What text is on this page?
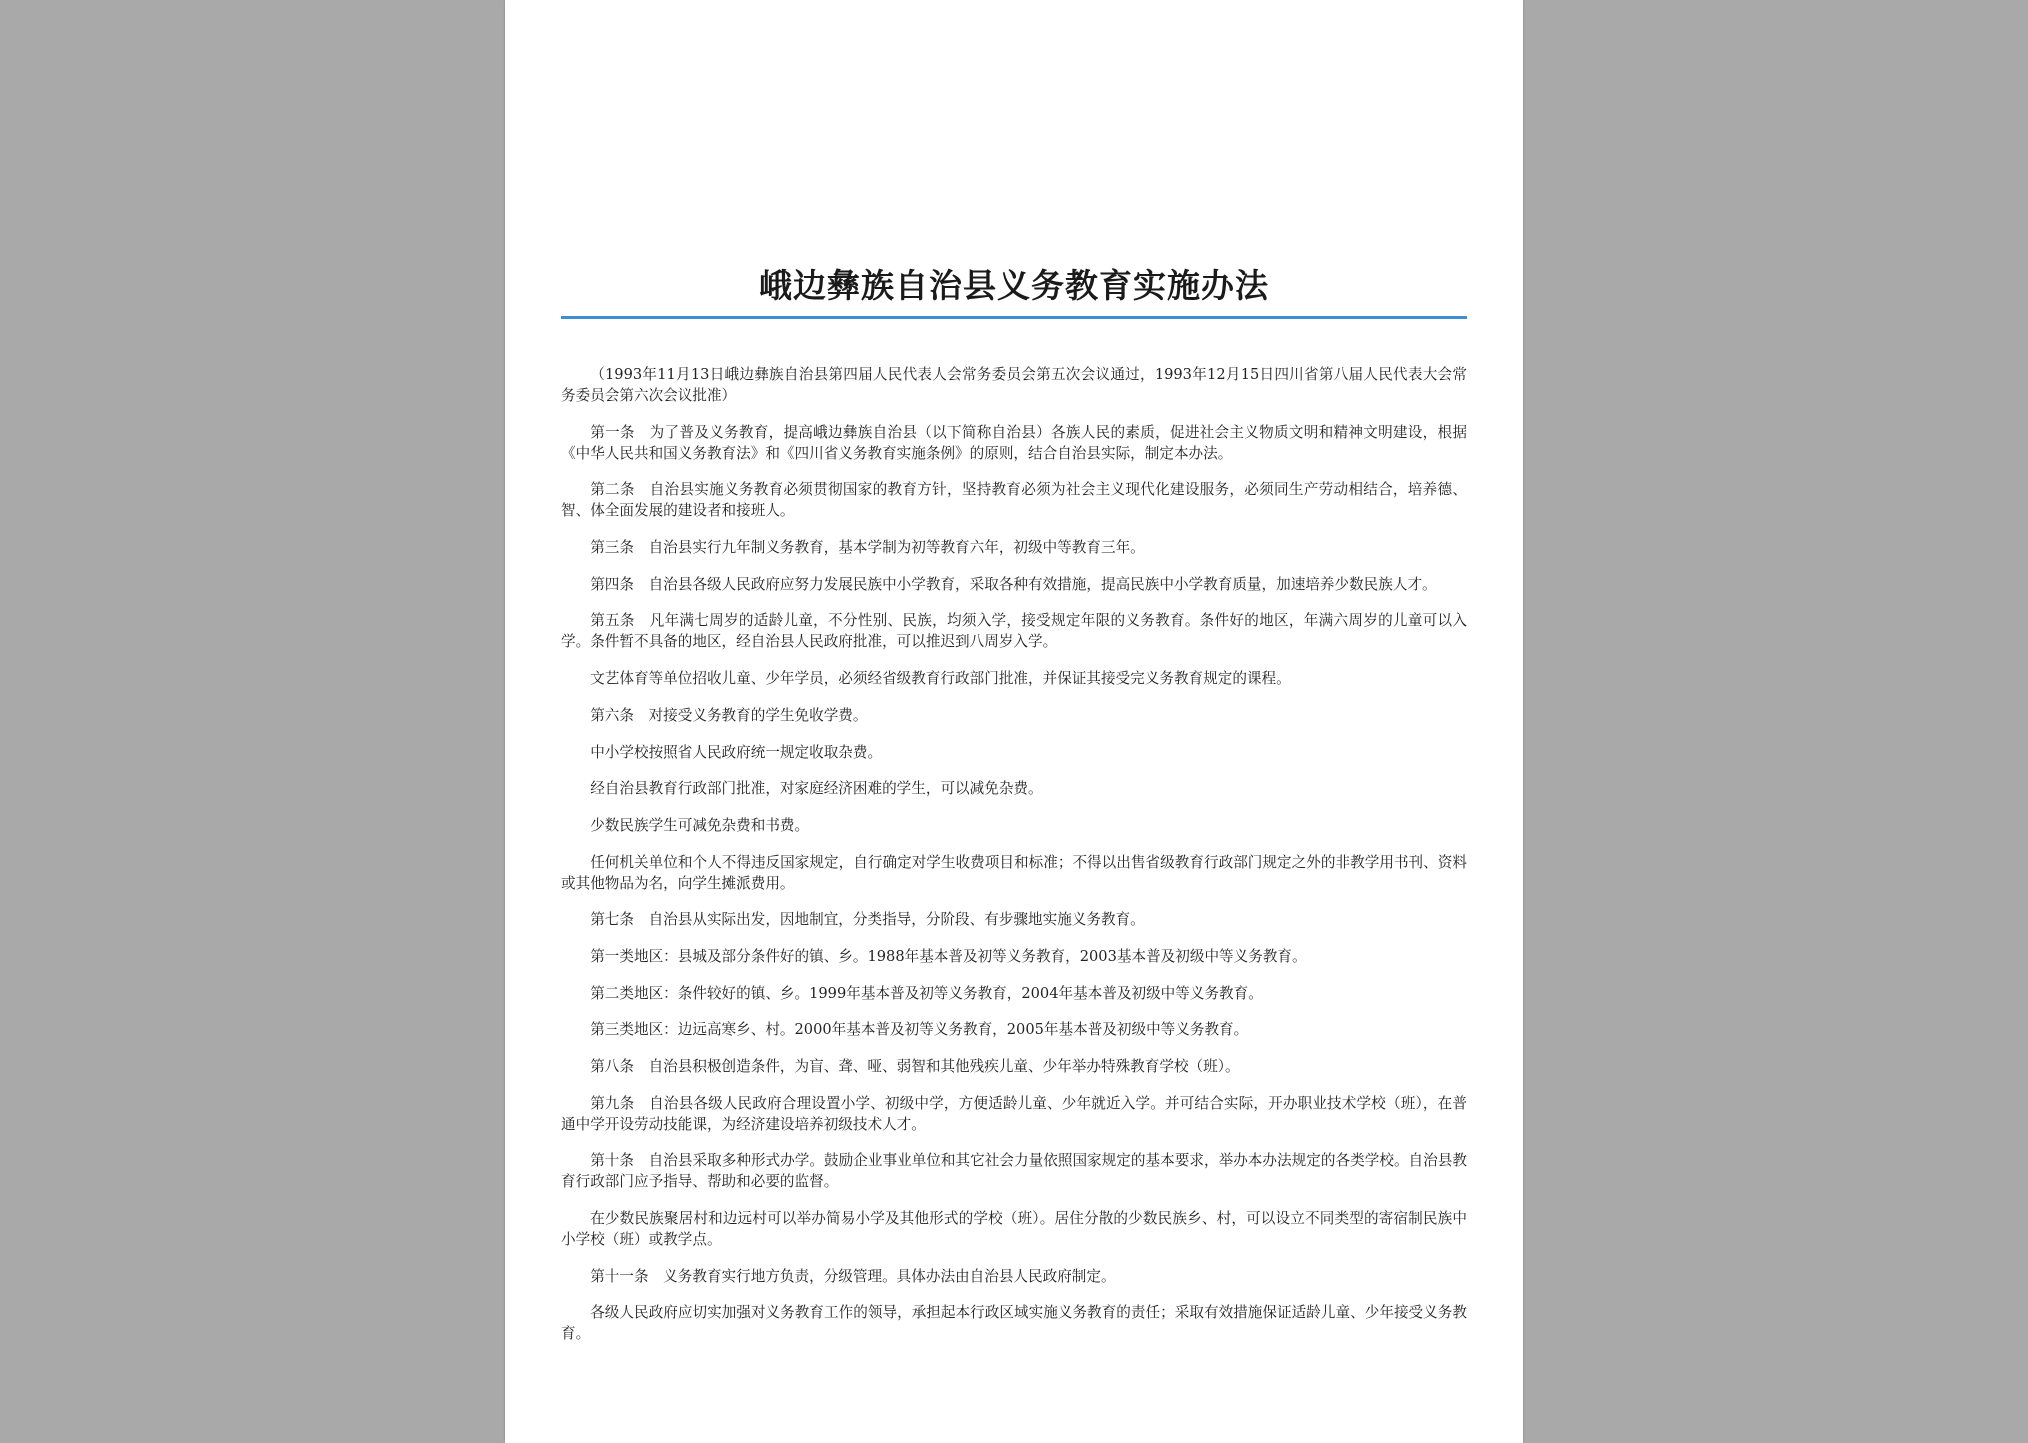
峨边彝族自治县义务教育实施办法

（1993年11月13日峨边彝族自治县第四届人民代表人会常务委员会第五次会议通过，1993年12月15日四川省第八届人民代表大会常务委员会第六次会议批准）

第一条　为了普及义务教育，提高峨边彝族自治县（以下简称自治县）各族人民的素质，促进社会主义物质文明和精神文明建设，根据《中华人民共和国义务教育法》和《四川省义务教育实施条例》的原则，结合自治县实际，制定本办法。

第二条　自治县实施义务教育必须贯彻国家的教育方针，坚持教育必须为社会主义现代化建设服务，必须同生产劳动相结合，培养德、智、体全面发展的建设者和接班人。

第三条　自治县实行九年制义务教育，基本学制为初等教育六年，初级中等教育三年。

第四条　自治县各级人民政府应努力发展民族中小学教育，采取各种有效措施，提高民族中小学教育质量，加速培养少数民族人才。

第五条　凡年满七周岁的适龄儿童，不分性别、民族，均须入学，接受规定年限的义务教育。条件好的地区，年满六周岁的儿童可以入学。条件暂不具备的地区，经自治县人民政府批准，可以推迟到八周岁入学。

文艺体育等单位招收儿童、少年学员，必须经省级教育行政部门批准，并保证其接受完义务教育规定的课程。

第六条　对接受义务教育的学生免收学费。

中小学校按照省人民政府统一规定收取杂费。

经自治县教育行政部门批准，对家庭经济困难的学生，可以减免杂费。

少数民族学生可减免杂费和书费。

任何机关单位和个人不得违反国家规定，自行确定对学生收费项目和标准；不得以出售省级教育行政部门规定之外的非教学用书刊、资料或其他物品为名，向学生摊派费用。

第七条　自治县从实际出发，因地制宜，分类指导，分阶段、有步骤地实施义务教育。

第一类地区：县城及部分条件好的镇、乡。1988年基本普及初等义务教育，2003基本普及初级中等义务教育。

第二类地区：条件较好的镇、乡。1999年基本普及初等义务教育，2004年基本普及初级中等义务教育。

第三类地区：边远高寒乡、村。2000年基本普及初等义务教育，2005年基本普及初级中等义务教育。

第八条　自治县积极创造条件，为盲、聋、哑、弱智和其他残疾儿童、少年举办特殊教育学校（班）。

第九条　自治县各级人民政府合理设置小学、初级中学，方便适龄儿童、少年就近入学。并可结合实际，开办职业技术学校（班），在普通中学开设劳动技能课，为经济建设培养初级技术人才。

第十条　自治县采取多种形式办学。鼓励企业事业单位和其它社会力量依照国家规定的基本要求，举办本办法规定的各类学校。自治县教育行政部门应予指导、帮助和必要的监督。

在少数民族聚居村和边远村可以举办简易小学及其他形式的学校（班）。居住分散的少数民族乡、村，可以设立不同类型的寄宿制民族中小学校（班）或教学点。

第十一条　义务教育实行地方负责，分级管理。具体办法由自治县人民政府制定。

各级人民政府应切实加强对义务教育工作的领导，承担起本行政区域实施义务教育的责任；采取有效措施保证适龄儿童、少年接受义务教育。
